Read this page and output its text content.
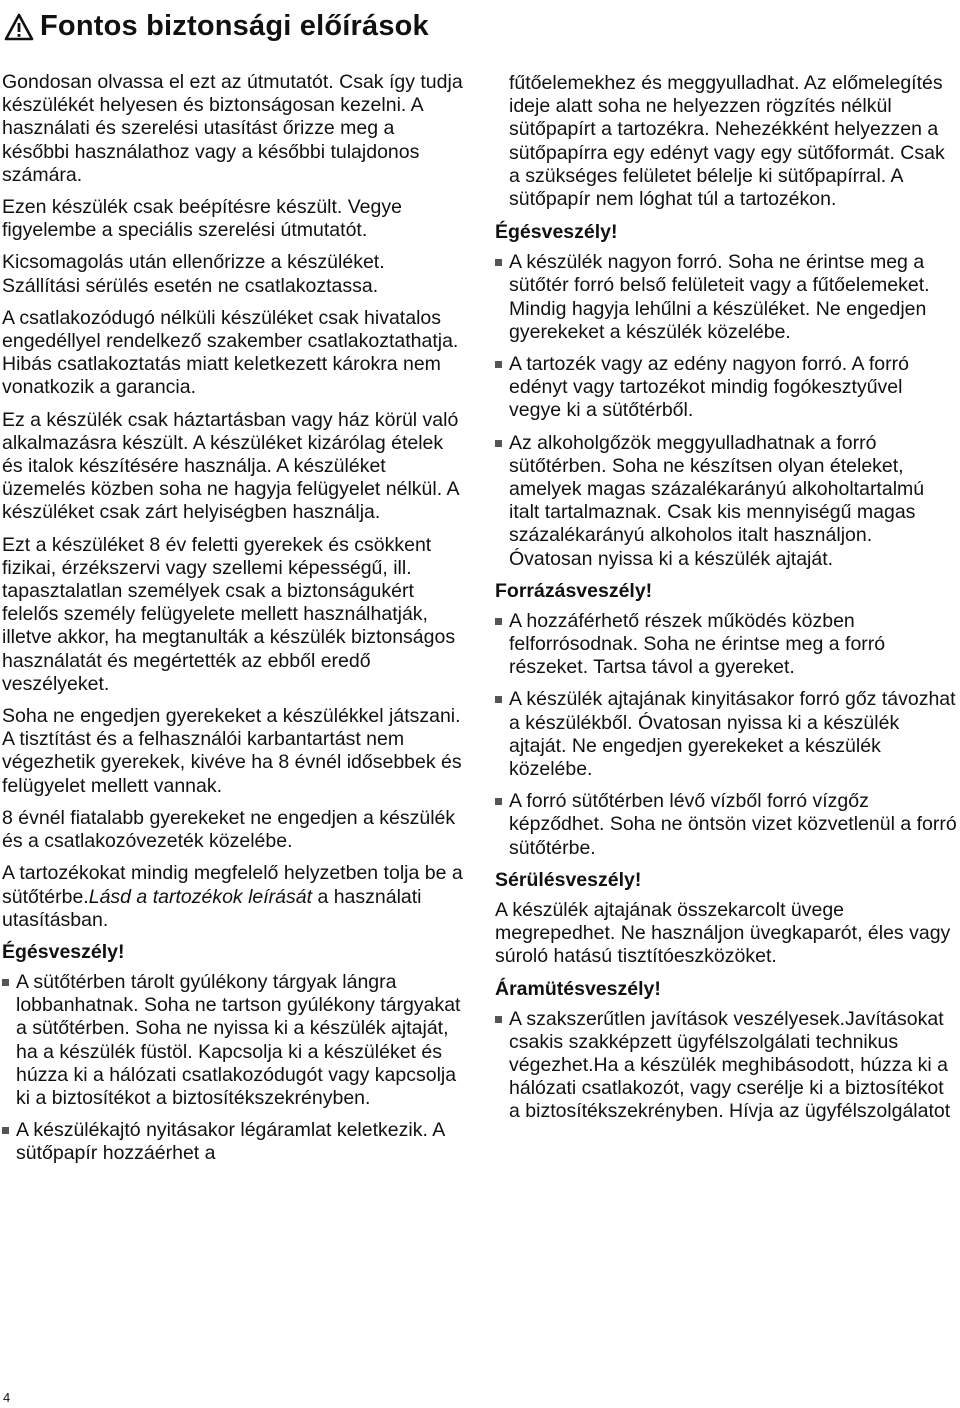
Fontos biztonsági előírások

Gondosan olvassa el ezt az útmutatót. Csak így tudja készülékét helyesen és biztonságosan kezelni. A használati és szerelési utasítást őrizze meg a későbbi használathoz vagy a későbbi tulajdonos számára.

Ezen készülék csak beépítésre készült. Vegye figyelembe a speciális szerelési útmutatót.

Kicsomagolás után ellenőrizze a készüléket. Szállítási sérülés esetén ne csatlakoztassa.

A csatlakozódugó nélküli készüléket csak hivatalos engedéllyel rendelkező szakember csatlakoztathatja. Hibás csatlakoztatás miatt keletkezett károkra nem vonatkozik a garancia.

Ez a készülék csak háztartásban vagy ház körül való alkalmazásra készült. A készüléket kizárólag ételek és italok készítésére használja. A készüléket üzemelés közben soha ne hagyja felügyelet nélkül. A készüléket csak zárt helyiségben használja.

Ezt a készüléket 8 év feletti gyerekek és csökkent fizikai, érzékszervi vagy szellemi képességű, ill. tapasztalatlan személyek csak a biztonságukért felelős személy felügyelete mellett használhatják, illetve akkor, ha megtanulták a készülék biztonságos használatát és megértették az ebből eredő veszélyeket.

Soha ne engedjen gyerekeket a készülékkel játszani. A tisztítást és a felhasználói karbantartást nem végezhetik gyerekek, kivéve ha 8 évnél idősebbek és felügyelet mellett vannak.

8 évnél fiatalabb gyerekeket ne engedjen a készülék és a csatlakozóvezeték közelébe.

A tartozékokat mindig megfelelő helyzetben tolja be a sütőtérbe.Lásd a tartozékok leírását a használati utasításban.

Égésveszély!
A sütőtérben tárolt gyúlékony tárgyak lángra lobbanhatnak. Soha ne tartson gyúlékony tárgyakat a sütőtérben. Soha ne nyissa ki a készülék ajtaját, ha a készülék füstöl. Kapcsolja ki a készüléket és húzza ki a hálózati csatlakozódugót vagy kapcsolja ki a biztosítékot a biztosítékszekrényben.
A készülékajtó nyitásakor légáramlat keletkezik. A sütőpapír hozzáérhet a
fűtőelemekhez és meggyulladhat. Az előmelegítés ideje alatt soha ne helyezzen rögzítés nélkül sütőpapírt a tartozékra. Nehezékként helyezzen a sütőpapírra egy edényt vagy egy sütőformát. Csak a szükséges felületet bélelje ki sütőpapírral. A sütőpapír nem lóghat túl a tartozékon.
Égésveszély!
A készülék nagyon forró. Soha ne érintse meg a sütőtér forró belső felületeit vagy a fűtőelemeket. Mindig hagyja lehűlni a készüléket. Ne engedjen gyerekeket a készülék közelébe.
A tartozék vagy az edény nagyon forró. A forró edényt vagy tartozékot mindig fogókesztyűvel vegye ki a sütőtérből.
Az alkoholgőzök meggyulladhatnak a forró sütőtérben. Soha ne készítsen olyan ételeket, amelyek magas százalékarányú alkoholtartalmú italt tartalmaznak. Csak kis mennyiségű magas százalékarányú alkoholos italt használjon. Óvatosan nyissa ki a készülék ajtaját.
Forrázásveszély!
A hozzáférhető részek működés közben felforrósodnak. Soha ne érintse meg a forró részeket. Tartsa távol a gyereket.
A készülék ajtajának kinyitásakor forró gőz távozhat a készülékből. Óvatosan nyissa ki a készülék ajtaját. Ne engedjen gyerekeket a készülék közelébe.
A forró sütőtérben lévő vízből forró vízgőz képződhet. Soha ne öntsön vizet közvetlenül a forró sütőtérbe.
Sérülésveszély!

A készülék ajtajának összekarcolt üvege megrepedhet. Ne használjon üvegkaparót, éles vagy súroló hatású tisztítóeszközöket.

Áramütésveszély!
A szakszerűtlen javítások veszélyesek.Javításokat csakis szakképzett ügyfélszolgálati technikus végezhet.Ha a készülék meghibásodott, húzza ki a hálózati csatlakozót, vagy cserélje ki a biztosítékot a biztosítékszekrényben. Hívja az ügyfélszolgálatot
4
